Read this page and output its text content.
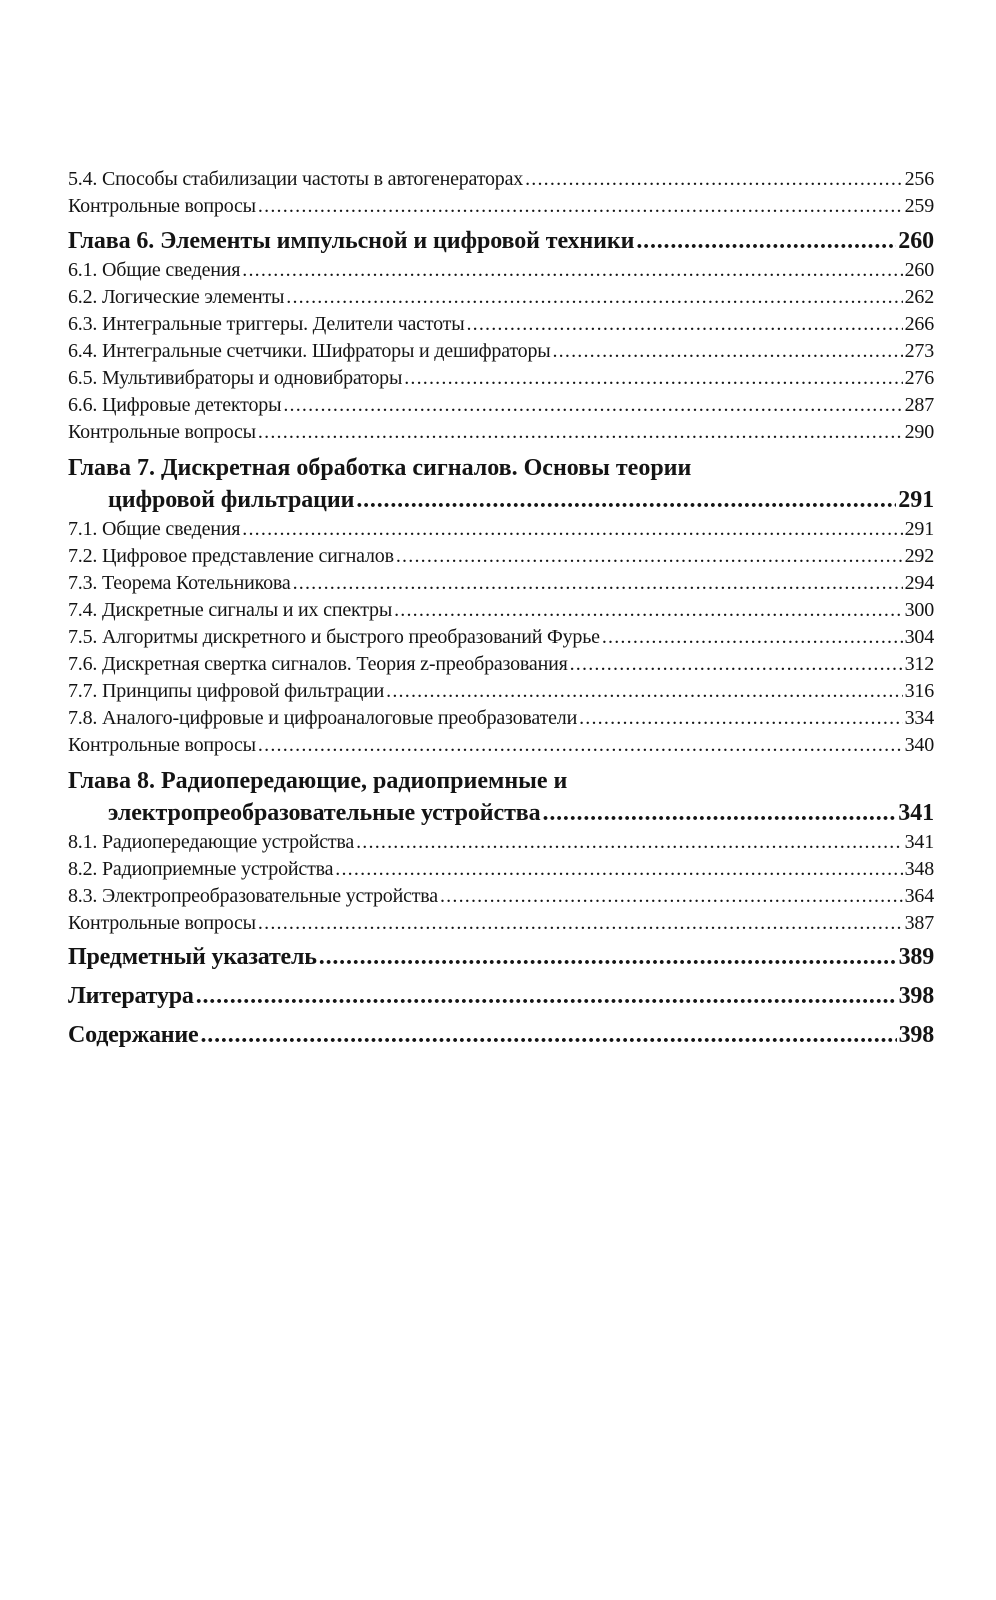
5.4. Способы стабилизации частоты в автогенераторах .....	256
Контрольные вопросы .....	259
Глава 6. Элементы импульсной и цифровой техники .....	260
6.1. Общие сведения .....	260
6.2. Логические элементы .....	262
6.3. Интегральные триггеры. Делители частоты .....	266
6.4. Интегральные счетчики. Шифраторы и дешифраторы .....	273
6.5. Мультивибраторы и одновибраторы .....	276
6.6. Цифровые детекторы .....	287
Контрольные вопросы .....	290
Глава 7. Дискретная обработка сигналов. Основы теории
цифровой фильтрации .....	291
7.1. Общие сведения .....	291
7.2. Цифровое представление сигналов .....	292
7.3. Теорема Котельникова .....	294
7.4. Дискретные сигналы и их спектры .....	300
7.5. Алгоритмы дискретного и быстрого преобразований Фурье .....	304
7.6. Дискретная свертка сигналов. Теория z-преобразования .....	312
7.7. Принципы цифровой фильтрации .....	316
7.8. Аналого-цифровые и цифроаналоговые преобразователи .....	334
Контрольные вопросы .....	340
Глава 8. Радиопередающие, радиоприемные и
электропреобразовательные устройства .....	341
8.1. Радиопередающие устройства .....	341
8.2. Радиоприемные устройства .....	348
8.3. Электропреобразовательные устройства .....	364
Контрольные вопросы .....	387
Предметный указатель .....	389
Литература .....	398
Содержание .....	398
